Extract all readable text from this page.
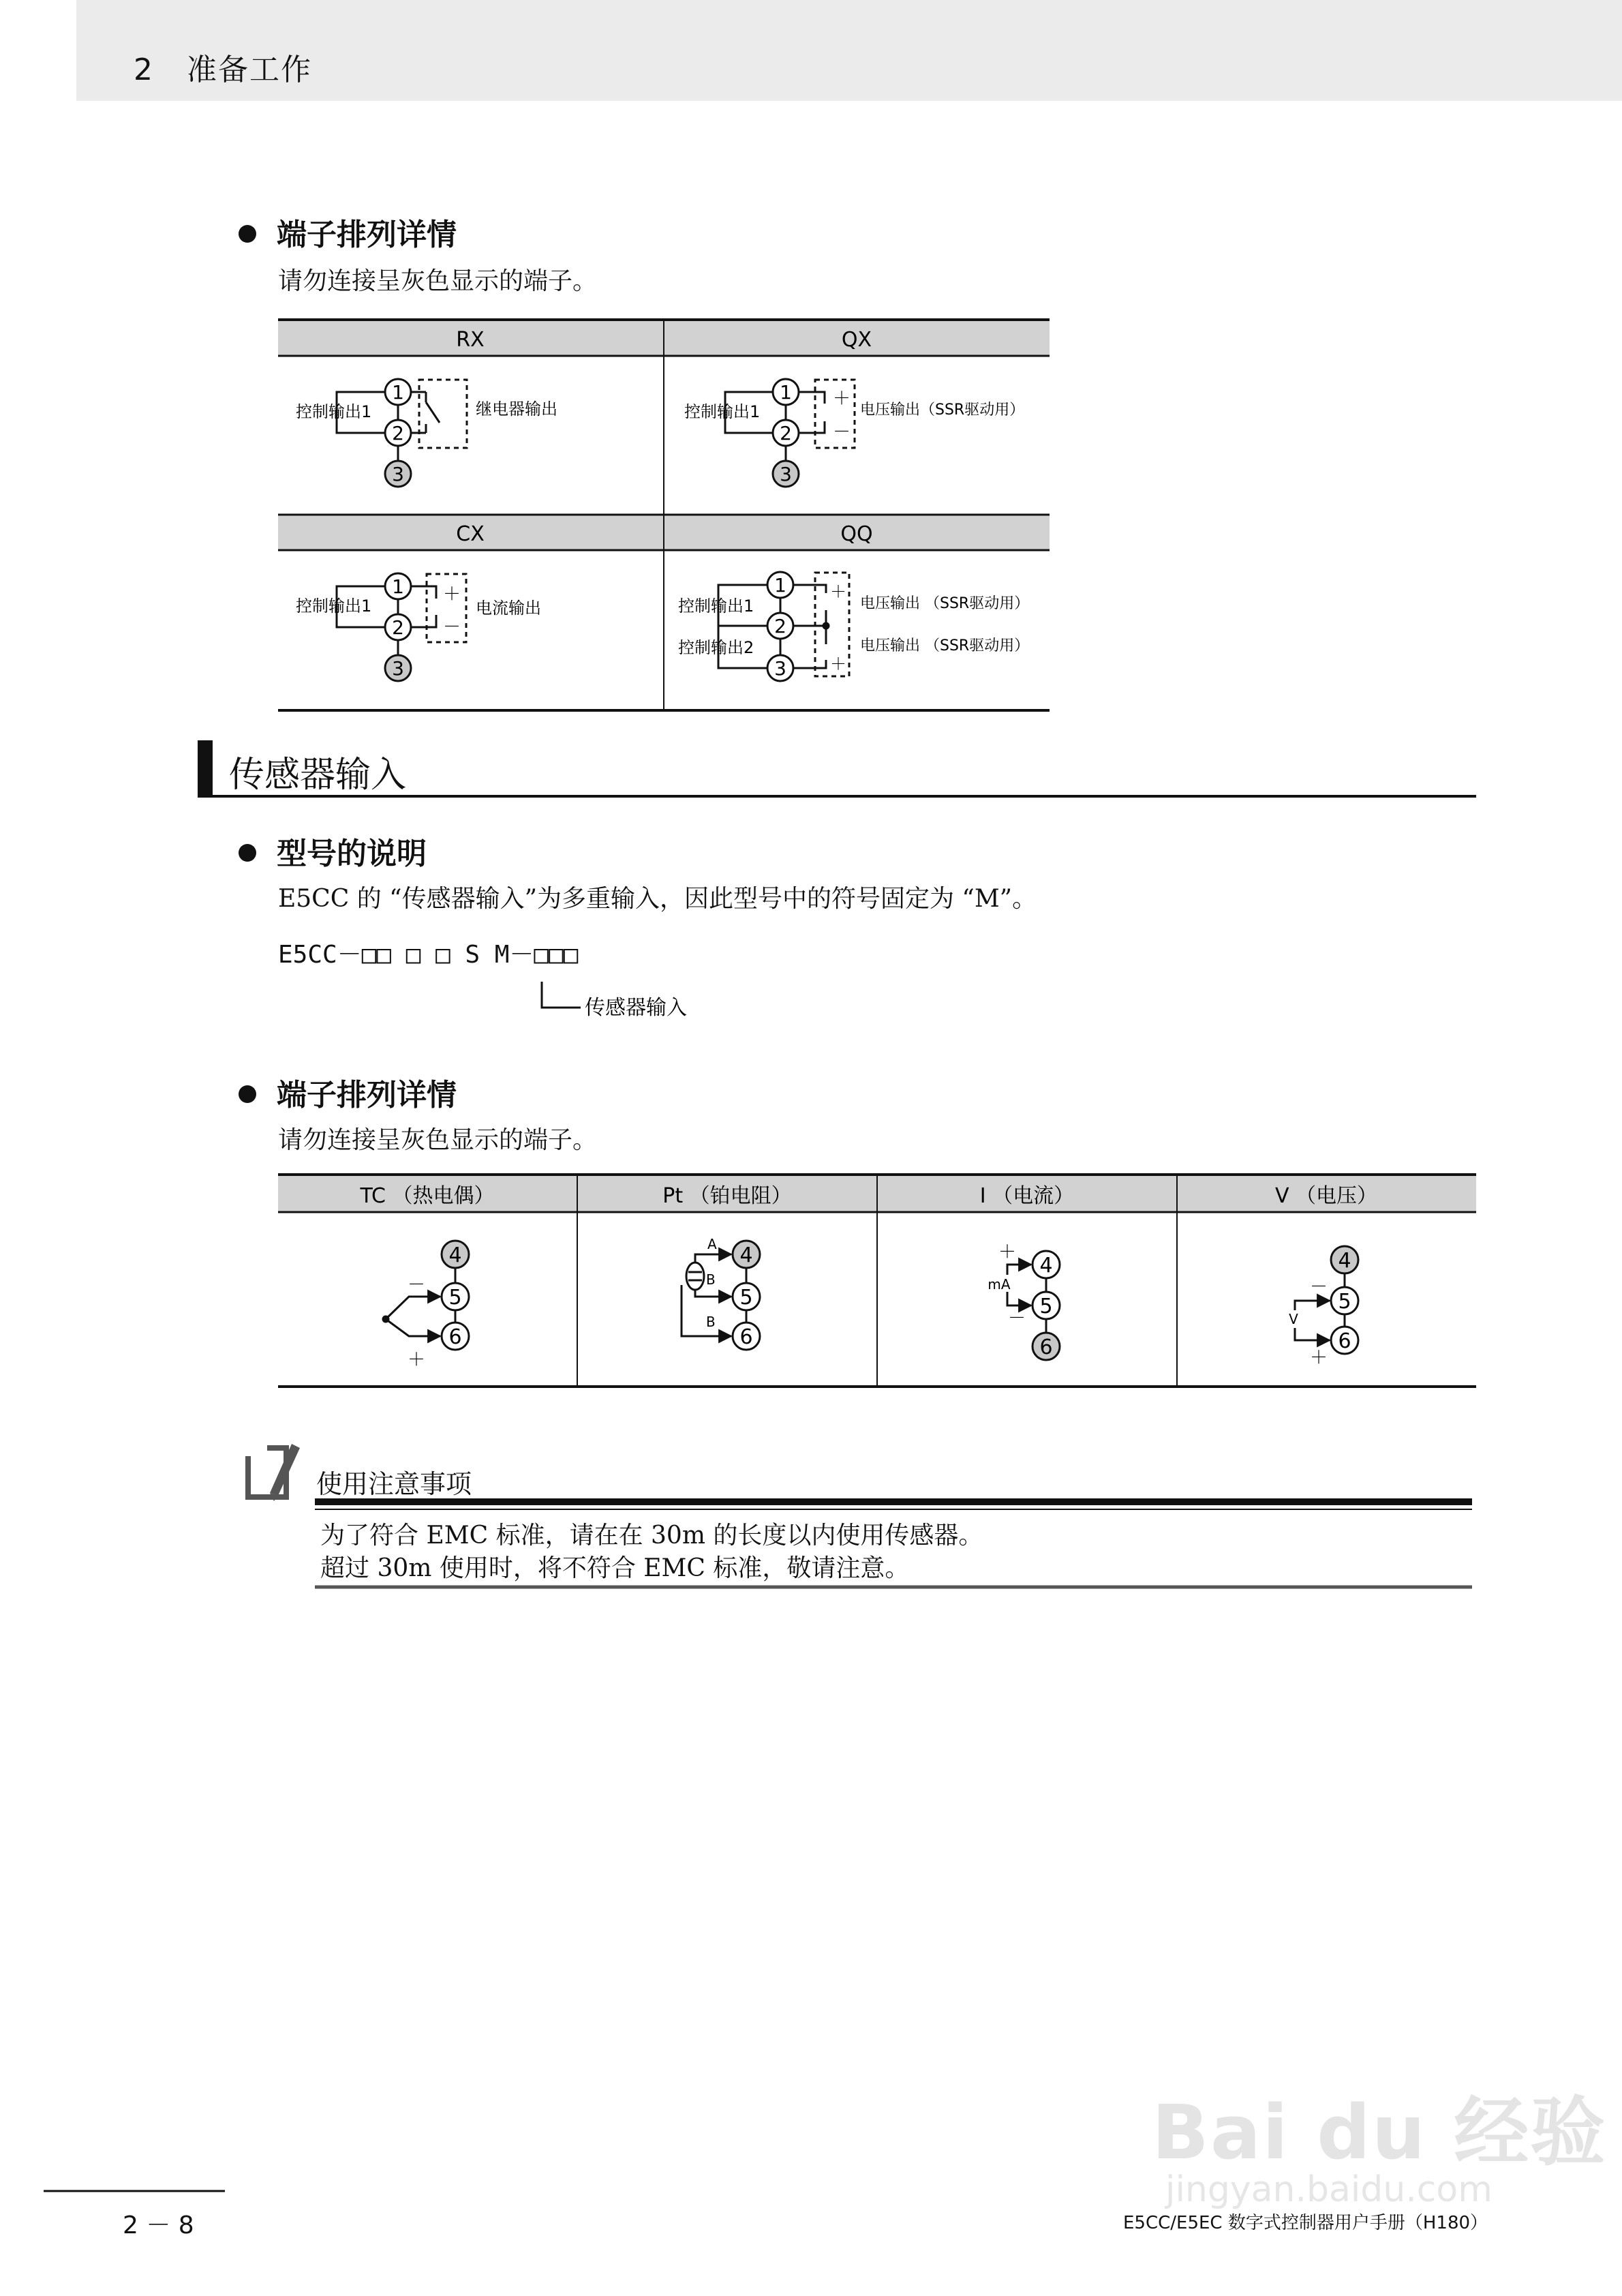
2 准备工作
端子排列详情
请勿连接呈灰色显示的端子。
RX	QX
CX	QQ
1
2
3
控制输出1	继电器输出
1
2
3
＋
－
控制输出1	电压输出（SSR驱动用）
1
2
3
＋
－
控制输出1	电流输出
1
2
3
＋
＋
控制输出1
控制输出2
电压输出 （SSR驱动用）
电压输出 （SSR驱动用）
传感器输入
TC （热电偶）	Pt （铂电阻）	I （电流）	V （电压）
4
5
6
－
＋
4
5
6
A
B
B
4
5
6
＋
mA
－
4
5
6
－
V
＋
传感器输入
型号的说明
E5CC 的 “传感器输入”为多重输入，因此型号中的符号固定为 “M”。
E5CC－□□ □ □ S M－□□□
端子排列详情
请勿连接呈灰色显示的端子。
使用注意事项
为了符合 EMC 标准，请在在 30m 的长度以内使用传感器。
超过 30m 使用时，将不符合 EMC 标准，敬请注意。
Bai du 经验
jingyan.baidu.com
2 － 8	E5CC/E5EC 数字式控制器用户手册（H180）
